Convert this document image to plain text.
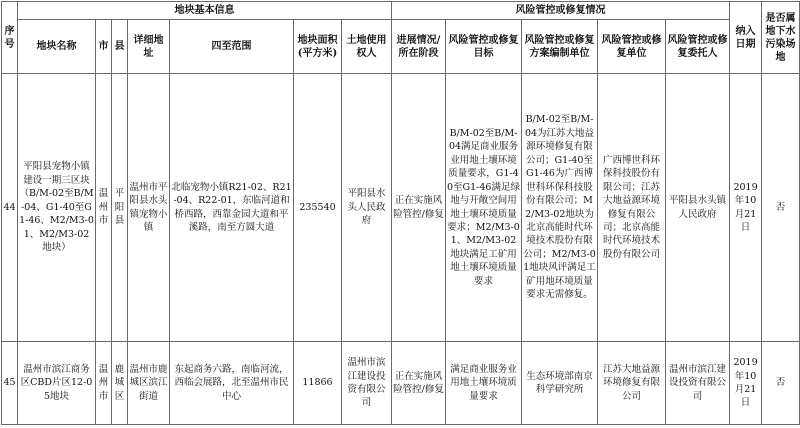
序号	地块基本信息							风险管控或修复情况					纳入日期	是否属地下水污染场地
	地块名称	市	县	详细地址	四至范围	地块面积(平方米)	土地使用权人	进展情况/所在阶段	风险管控或修复目标	风险管控或修复方案编制单位	风险管控或修复单位	风险管控或修复委托人		
44	平阳县宠物小镇建设一期三区块（B/M-02至B/M-04、G1-40至G1-46、M2/M3-01、M2/M3-02地块）	温州市	平阳县	温州市平阳县水头镇宠物小镇	北临宠物小镇R21-02、R21-04、R22-01，东临河道和桥西路，西靠金园大道和平溪路，南至方圆大道	235540	平阳县水头人民政府	正在实施风险管控/修复	B/M-02至B/M-04满足商业服务业用地土壤环境质量要求，G1-40至G1-46满足绿地与开敞空间用地土壤环境质量要求；M2/M3-01、M2/M3-02地块满足工矿用地土壤环境质量要求	B/M-02至B/M-04为江苏大地益源环境修复有限公司；G1-40至G1-46为广西博世科环保科技股份有限公司；M2/M3-02地块为北京高能时代环境技术股份有限公司；M2/M3-01地块风评满足工矿用地环境质量要求无需修复。	广西博世科环保科技股份有限公司；江苏大地益源环境修复有限公司；北京高能时代环境技术股份有限公司	平阳县水头镇人民政府	2019年10月21日	否
45	温州市滨江商务区CBD片区12-05地块	温州市	鹿城区	温州市鹿城区滨江街道	东起商务六路，南临河流，西临会展路，北至温州市民中心	11866	温州市滨江建设投资有限公司	正在实施风险管控/修复	满足商业服务业用地土壤环境质量要求	生态环境部南京科学研究所	江苏大地益源环境修复有限公司	温州市滨江建设投资有限公司	2019年10月21日	否
